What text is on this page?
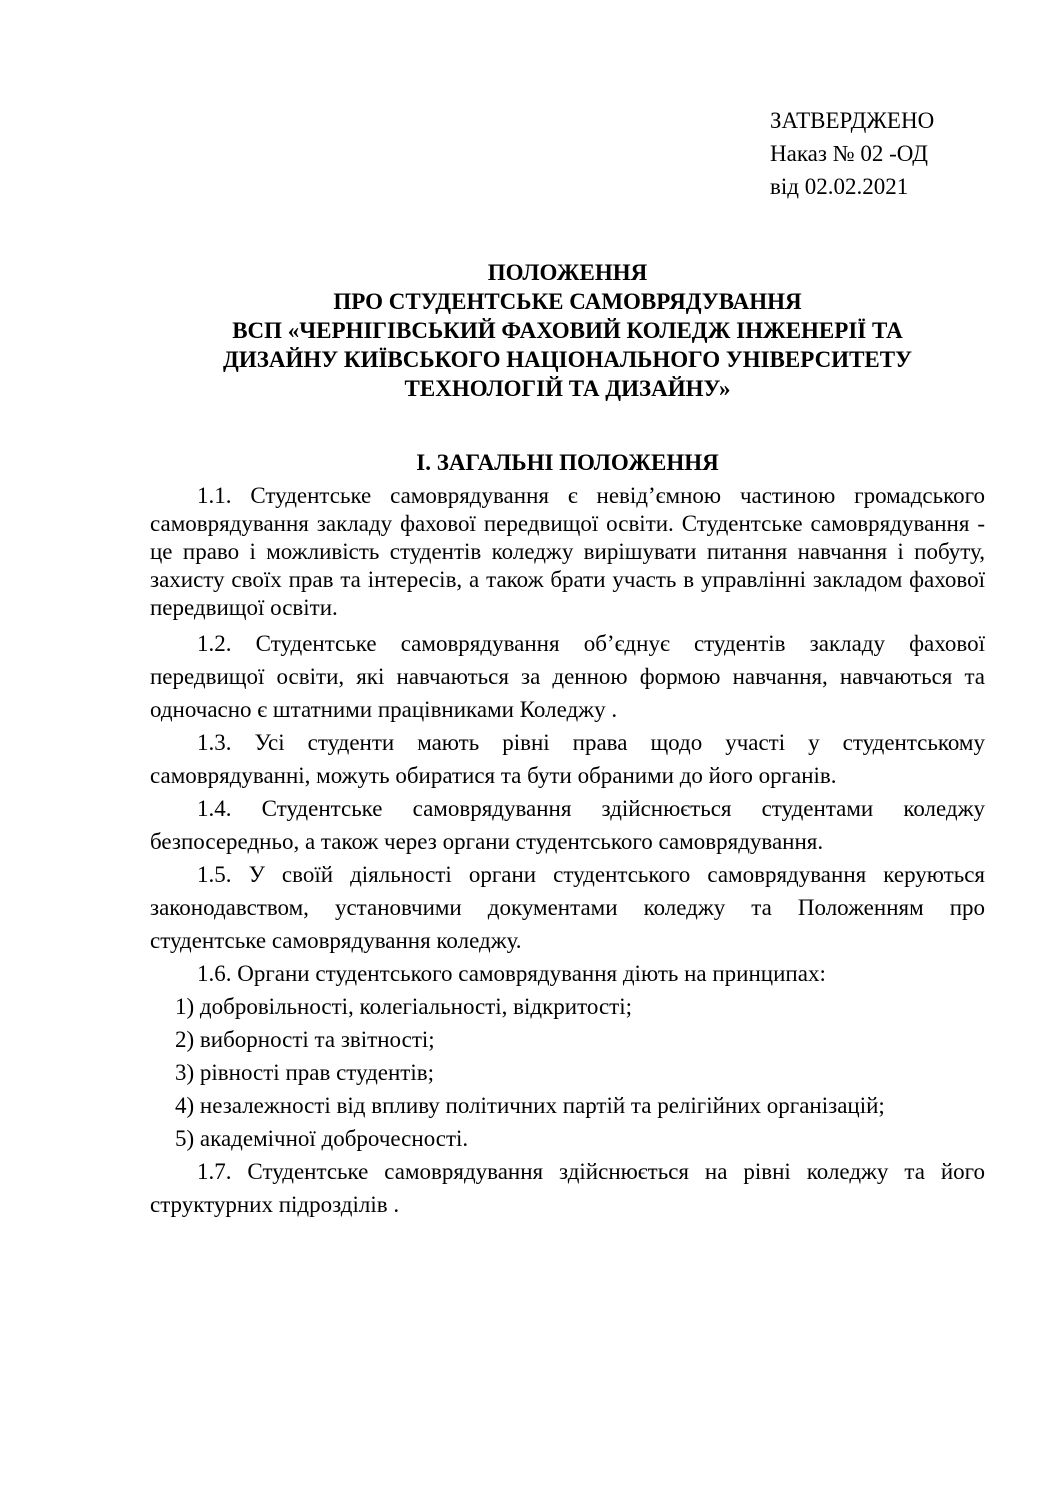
ЗАТВЕРДЖЕНО
Наказ № 02 -ОД
від 02.02.2021
ПОЛОЖЕННЯ
ПРО СТУДЕНТСЬКЕ САМОВРЯДУВАННЯ
ВСП «ЧЕРНІГІВСЬКИЙ ФАХОВИЙ КОЛЕДЖ ІНЖЕНЕРІЇ ТА
ДИЗАЙНУ КИЇВСЬКОГО НАЦІОНАЛЬНОГО УНІВЕРСИТЕТУ
ТЕХНОЛОГІЙ ТА ДИЗАЙНУ»
І. ЗАГАЛЬНІ ПОЛОЖЕННЯ

1.1. Студентське самоврядування є невід’ємною частиною громадського самоврядування закладу фахової передвищої освіти. Студентське самоврядування - це право і можливість студентів коледжу вирішувати питання навчання і побуту, захисту своїх прав та інтересів, а також брати участь в управлінні закладом фахової передвищої освіти.

1.2. Студентське самоврядування об’єднує студентів закладу фахової передвищої освіти, які навчаються за денною формою навчання, навчаються та одночасно є штатними працівниками Коледжу .

1.3. Усі студенти мають рівні права щодо участі у студентському самоврядуванні, можуть обиратися та бути обраними до його органів.

1.4. Студентське самоврядування здійснюється студентами коледжу безпосередньо, а також через органи студентського самоврядування.

1.5. У своїй діяльності органи студентського самоврядування керуються законодавством, установчими документами коледжу та Положенням про студентське самоврядування коледжу.

1.6. Органи студентського самоврядування діють на принципах:

1) добровільності, колегіальності, відкритості;
2) виборності та звітності;
3) рівності прав студентів;
4) незалежності від впливу політичних партій та релігійних організацій;
5) академічної доброчесності.

1.7. Студентське самоврядування здійснюється на рівні коледжу та його структурних підрозділів .
